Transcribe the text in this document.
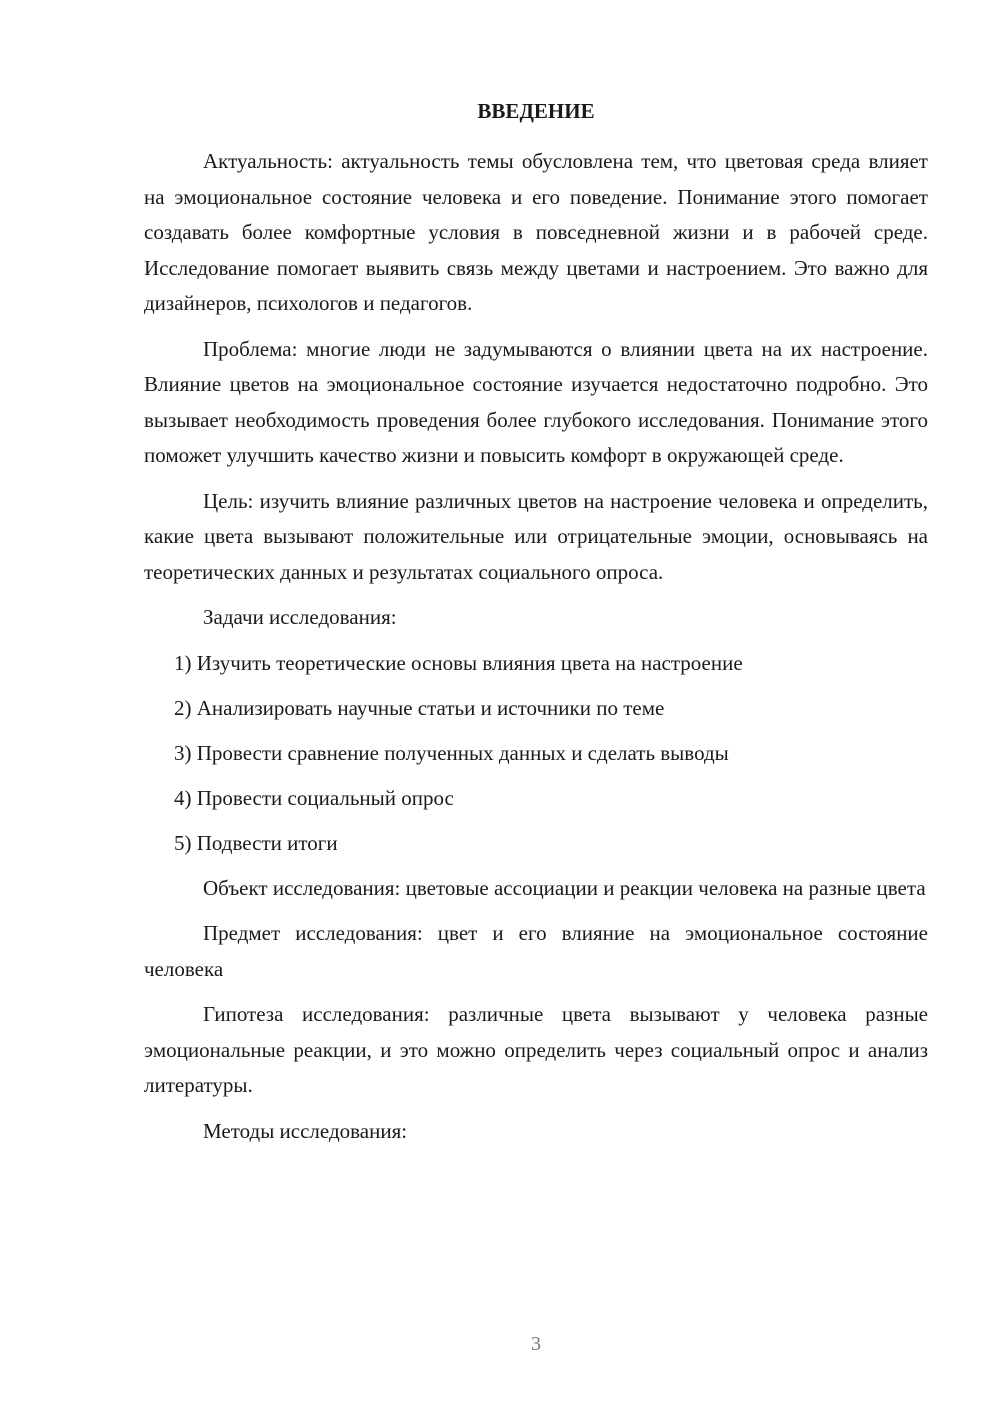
ВВЕДЕНИЕ

Актуальность: актуальность темы обусловлена тем, что цветовая среда влияет на эмоциональное состояние человека и его поведение. Понимание этого помогает создавать более комфортные условия в повседневной жизни и в рабочей среде. Исследование помогает выявить связь между цветами и настроением. Это важно для дизайнеров, психологов и педагогов.

Проблема: многие люди не задумываются о влиянии цвета на их настроение. Влияние цветов на эмоциональное состояние изучается недостаточно подробно. Это вызывает необходимость проведения более глубокого исследования. Понимание этого поможет улучшить качество жизни и повысить комфорт в окружающей среде.

Цель: изучить влияние различных цветов на настроение человека и определить, какие цвета вызывают положительные или отрицательные эмоции, основываясь на теоретических данных и результатах социального опроса.

Задачи исследования:

1) Изучить теоретические основы влияния цвета на настроение
2) Анализировать научные статьи и источники по теме
3) Провести сравнение полученных данных и сделать выводы
4) Провести социальный опрос
5) Подвести итоги

Объект исследования: цветовые ассоциации и реакции человека на разные цвета

Предмет исследования: цвет и его влияние на эмоциональное состояние человека

Гипотеза исследования: различные цвета вызывают у человека разные эмоциональные реакции, и это можно определить через социальный опрос и анализ литературы.

Методы исследования:

3
